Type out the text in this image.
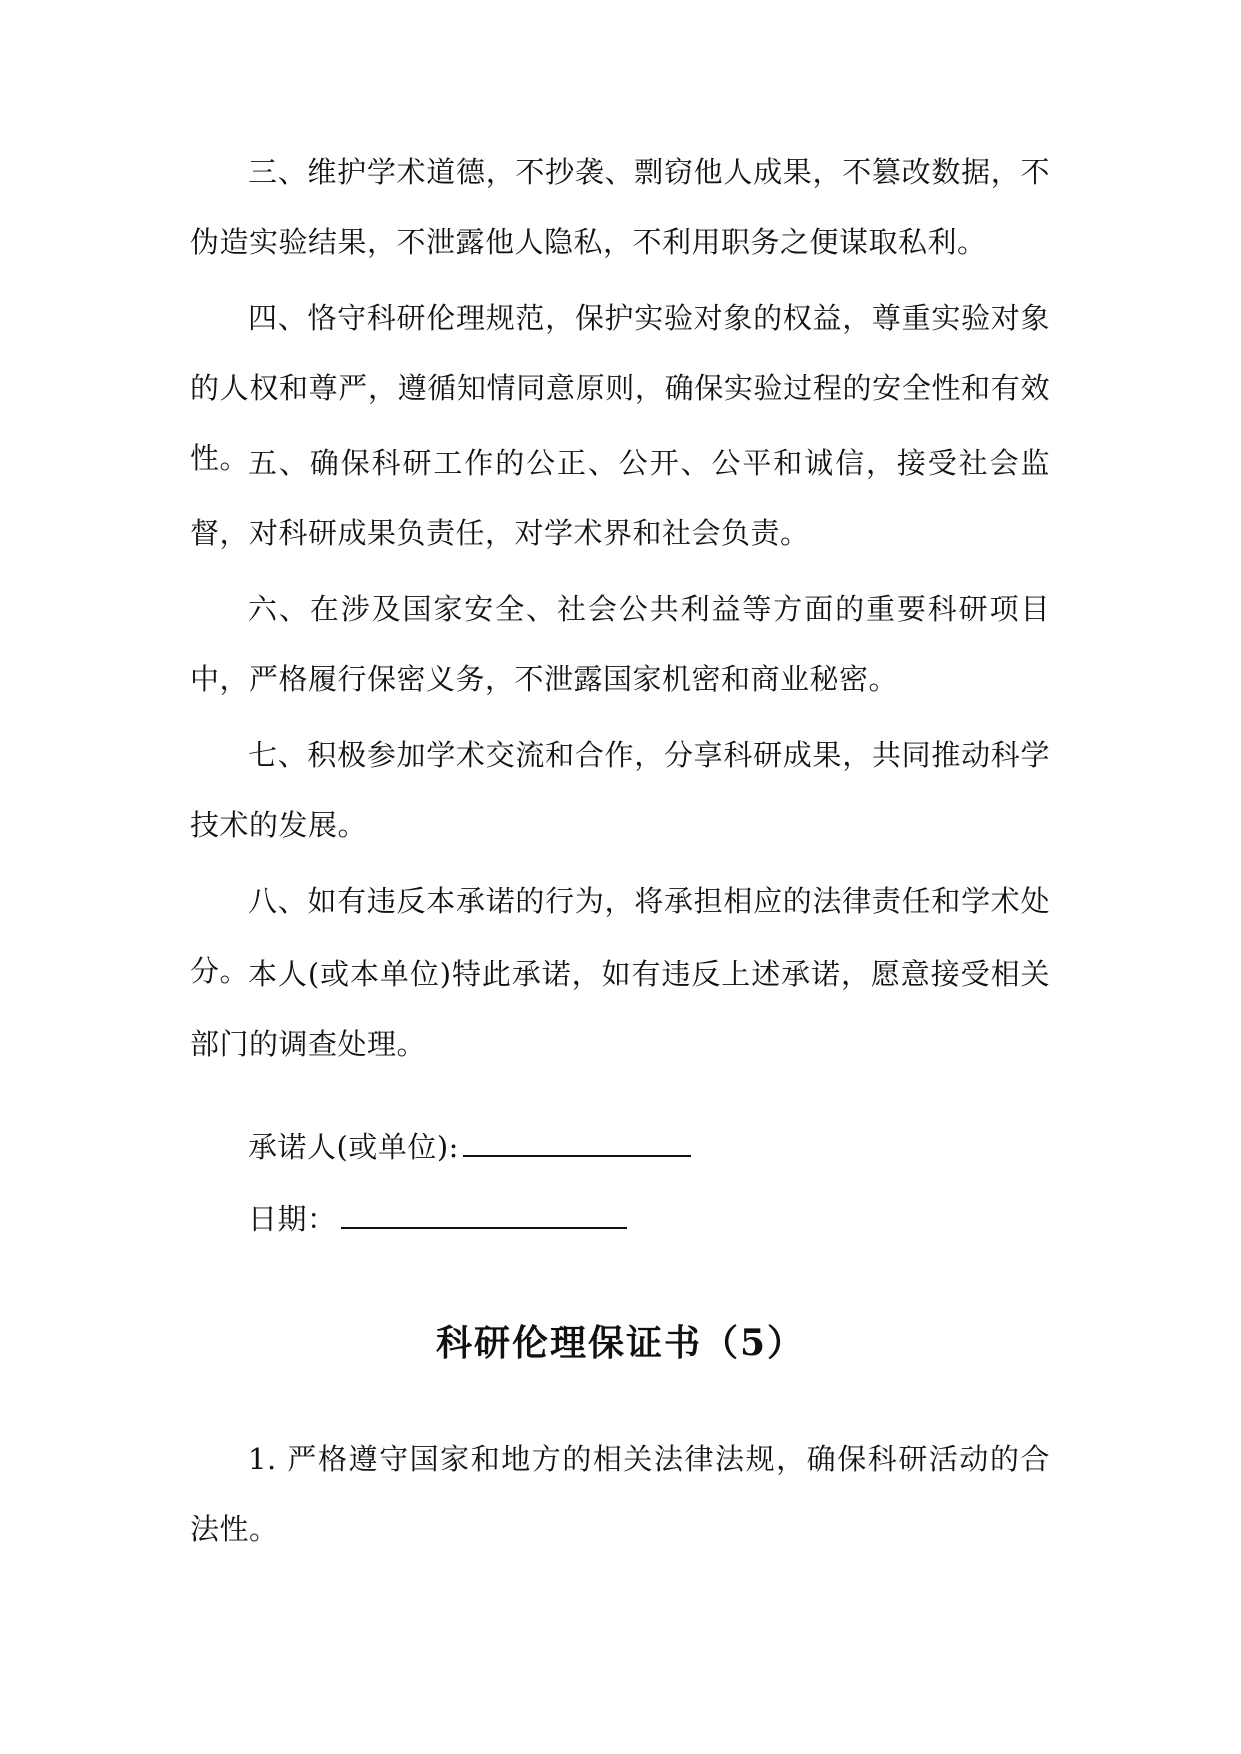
三、维护学术道德，不抄袭、剽窃他人成果，不篡改数据，不伪造实验结果，不泄露他人隐私，不利用职务之便谋取私利。

四、恪守科研伦理规范，保护实验对象的权益，尊重实验对象的人权和尊严，遵循知情同意原则，确保实验过程的安全性和有效性。

五、确保科研工作的公正、公开、公平和诚信，接受社会监督，对科研成果负责任，对学术界和社会负责。

六、在涉及国家安全、社会公共利益等方面的重要科研项目中，严格履行保密义务，不泄露国家机密和商业秘密。

七、积极参加学术交流和合作，分享科研成果，共同推动科学技术的发展。

八、如有违反本承诺的行为，将承担相应的法律责任和学术处分。

本人(或本单位)特此承诺，如有违反上述承诺，愿意接受相关部门的调查处理。

承诺人(或单位):

日期：

科研伦理保证书（5）

1. 严格遵守国家和地方的相关法律法规，确保科研活动的合法性。
